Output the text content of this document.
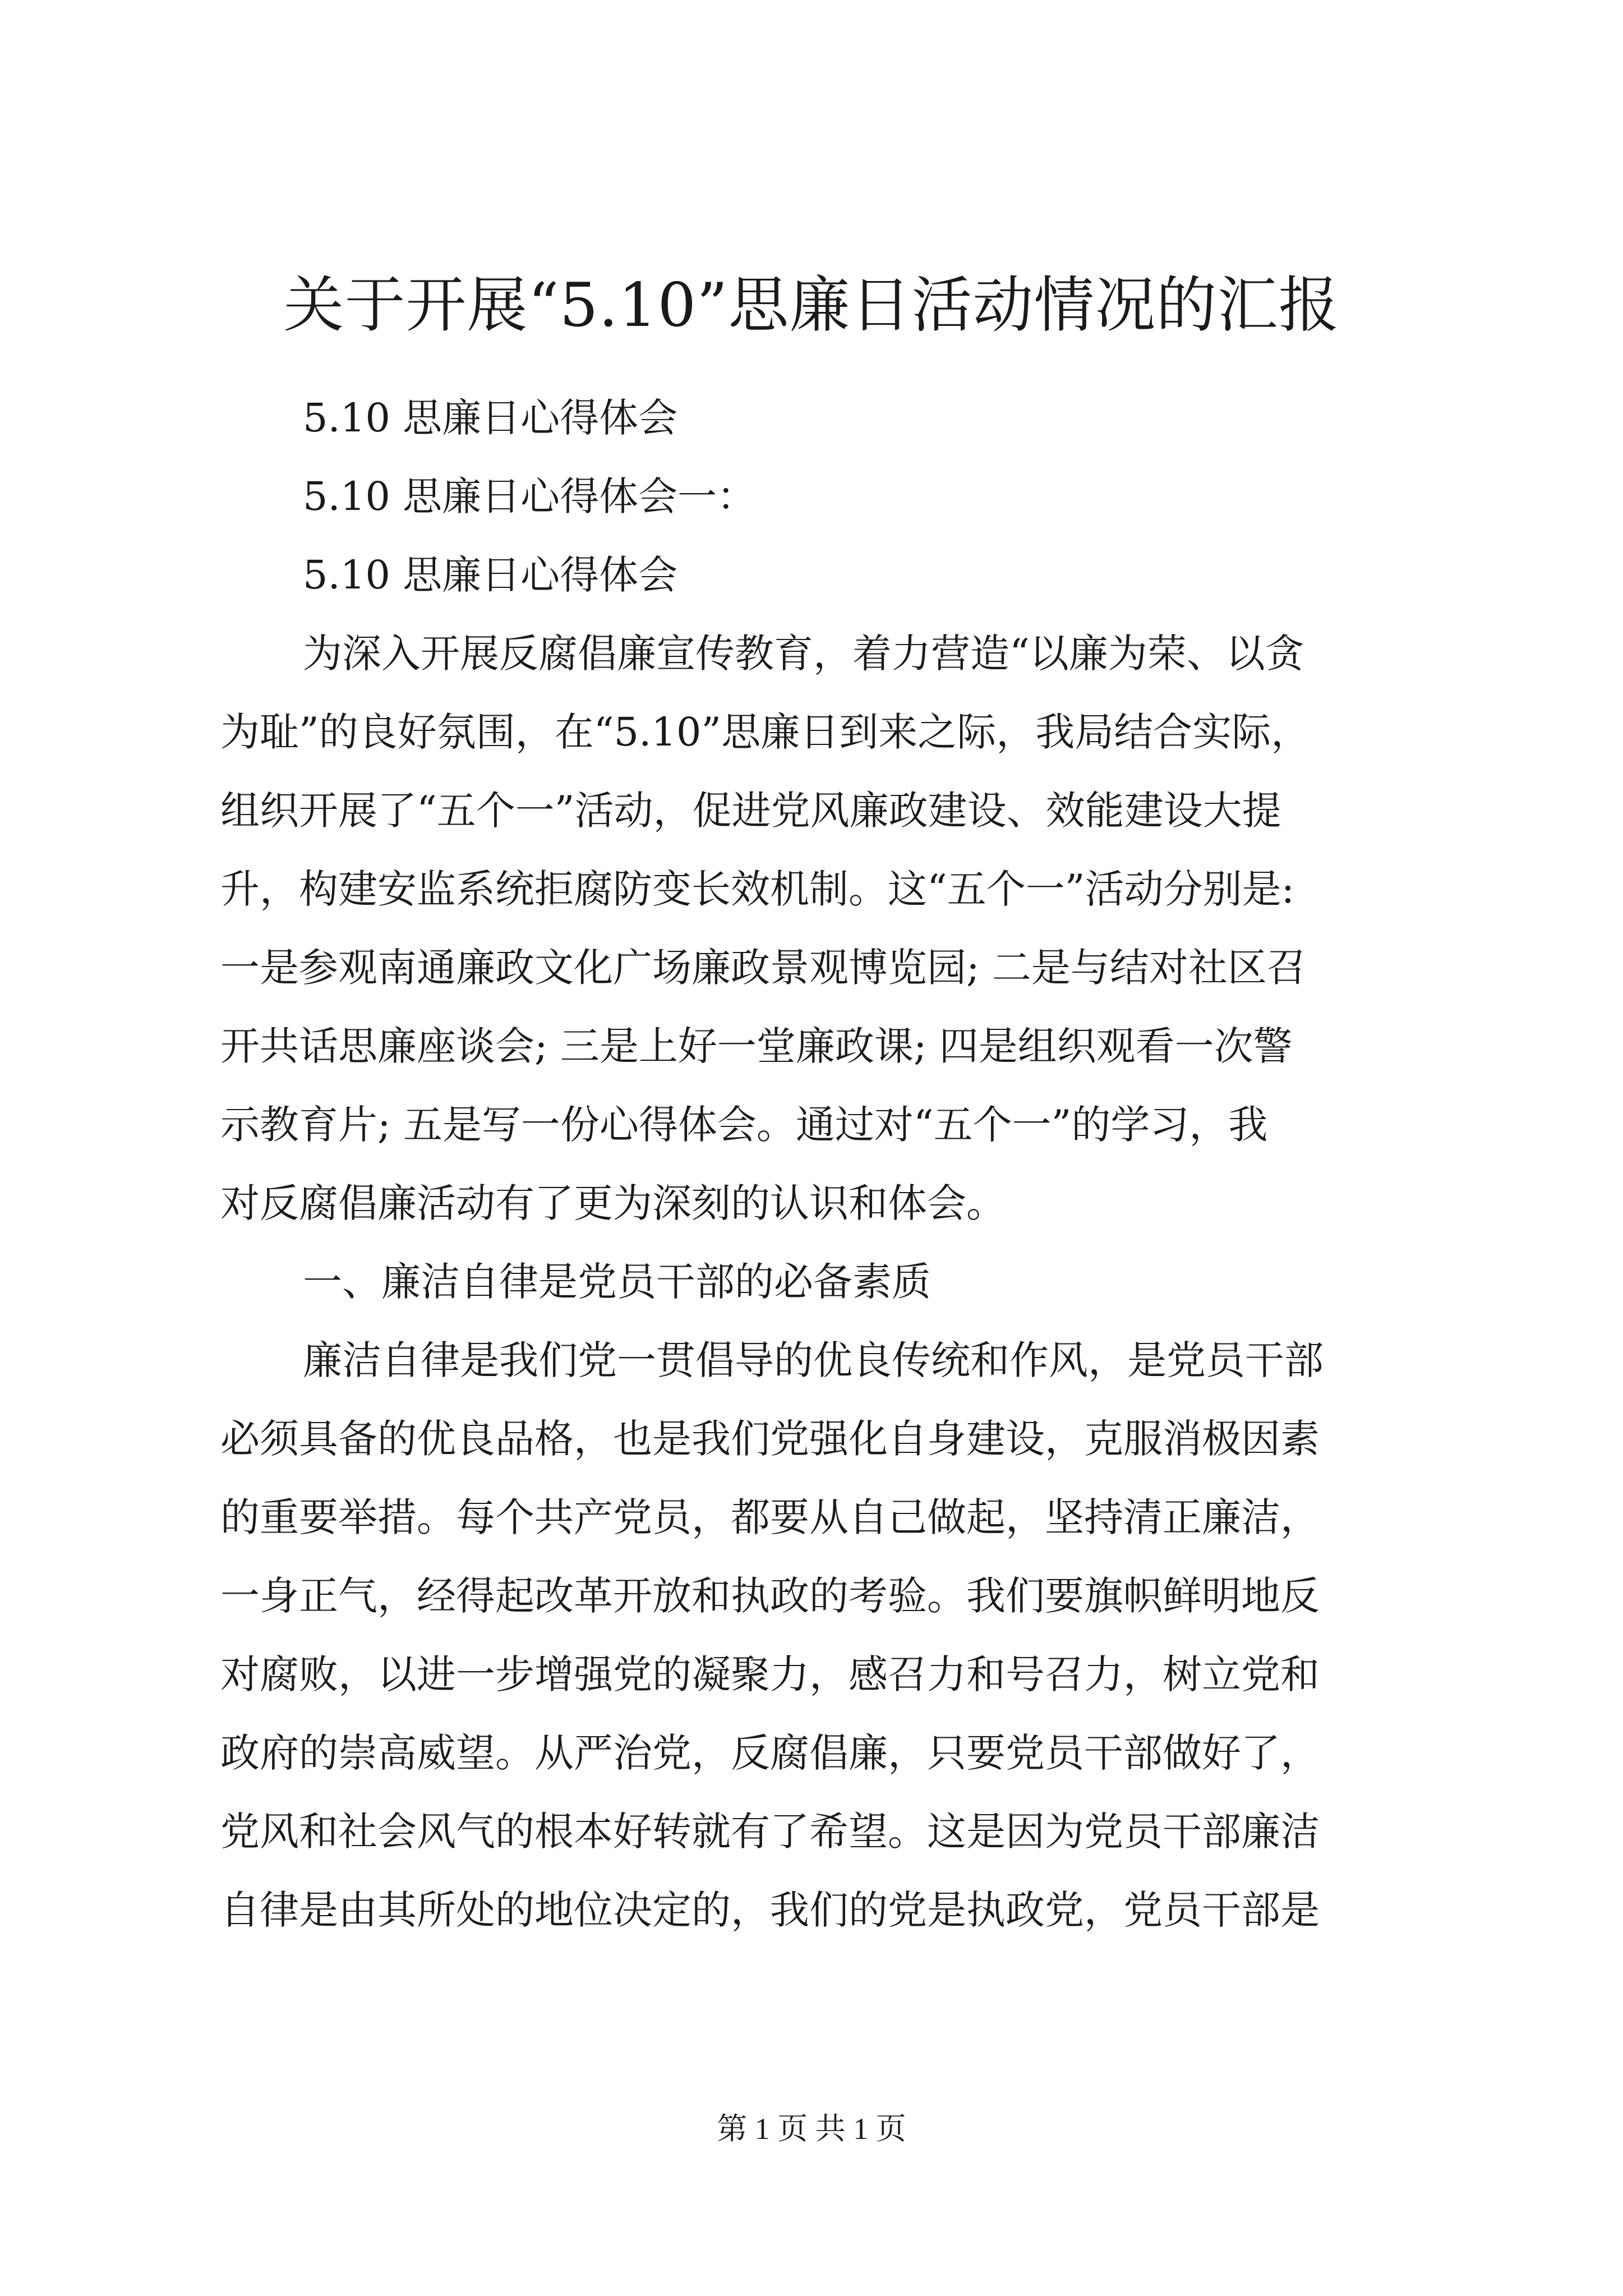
关于开展“5.10”思廉日活动情况的汇报
5.10 思廉日心得体会
5.10 思廉日心得体会一：
5.10 思廉日心得体会
为深入开展反腐倡廉宣传教育，着力营造“以廉为荣、以贪
为耻”的良好氛围，在“5.10”思廉日到来之际，我局结合实际，
组织开展了“五个一”活动，促进党风廉政建设、效能建设大提
升，构建安监系统拒腐防变长效机制。这“五个一”活动分别是:
一是参观南通廉政文化广场廉政景观博览园; 二是与结对社区召
开共话思廉座谈会; 三是上好一堂廉政课; 四是组织观看一次警
示教育片; 五是写一份心得体会。通过对“五个一”的学习，我
对反腐倡廉活动有了更为深刻的认识和体会。
一、廉洁自律是党员干部的必备素质
廉洁自律是我们党一贯倡导的优良传统和作风，是党员干部
必须具备的优良品格，也是我们党强化自身建设，克服消极因素
的重要举措。每个共产党员，都要从自己做起，坚持清正廉洁，
一身正气，经得起改革开放和执政的考验。我们要旗帜鲜明地反
对腐败，以进一步增强党的凝聚力，感召力和号召力，树立党和
政府的崇高威望。从严治党，反腐倡廉，只要党员干部做好了，
党风和社会风气的根本好转就有了希望。这是因为党员干部廉洁
自律是由其所处的地位决定的，我们的党是执政党，党员干部是
第 1 页 共 1 页
